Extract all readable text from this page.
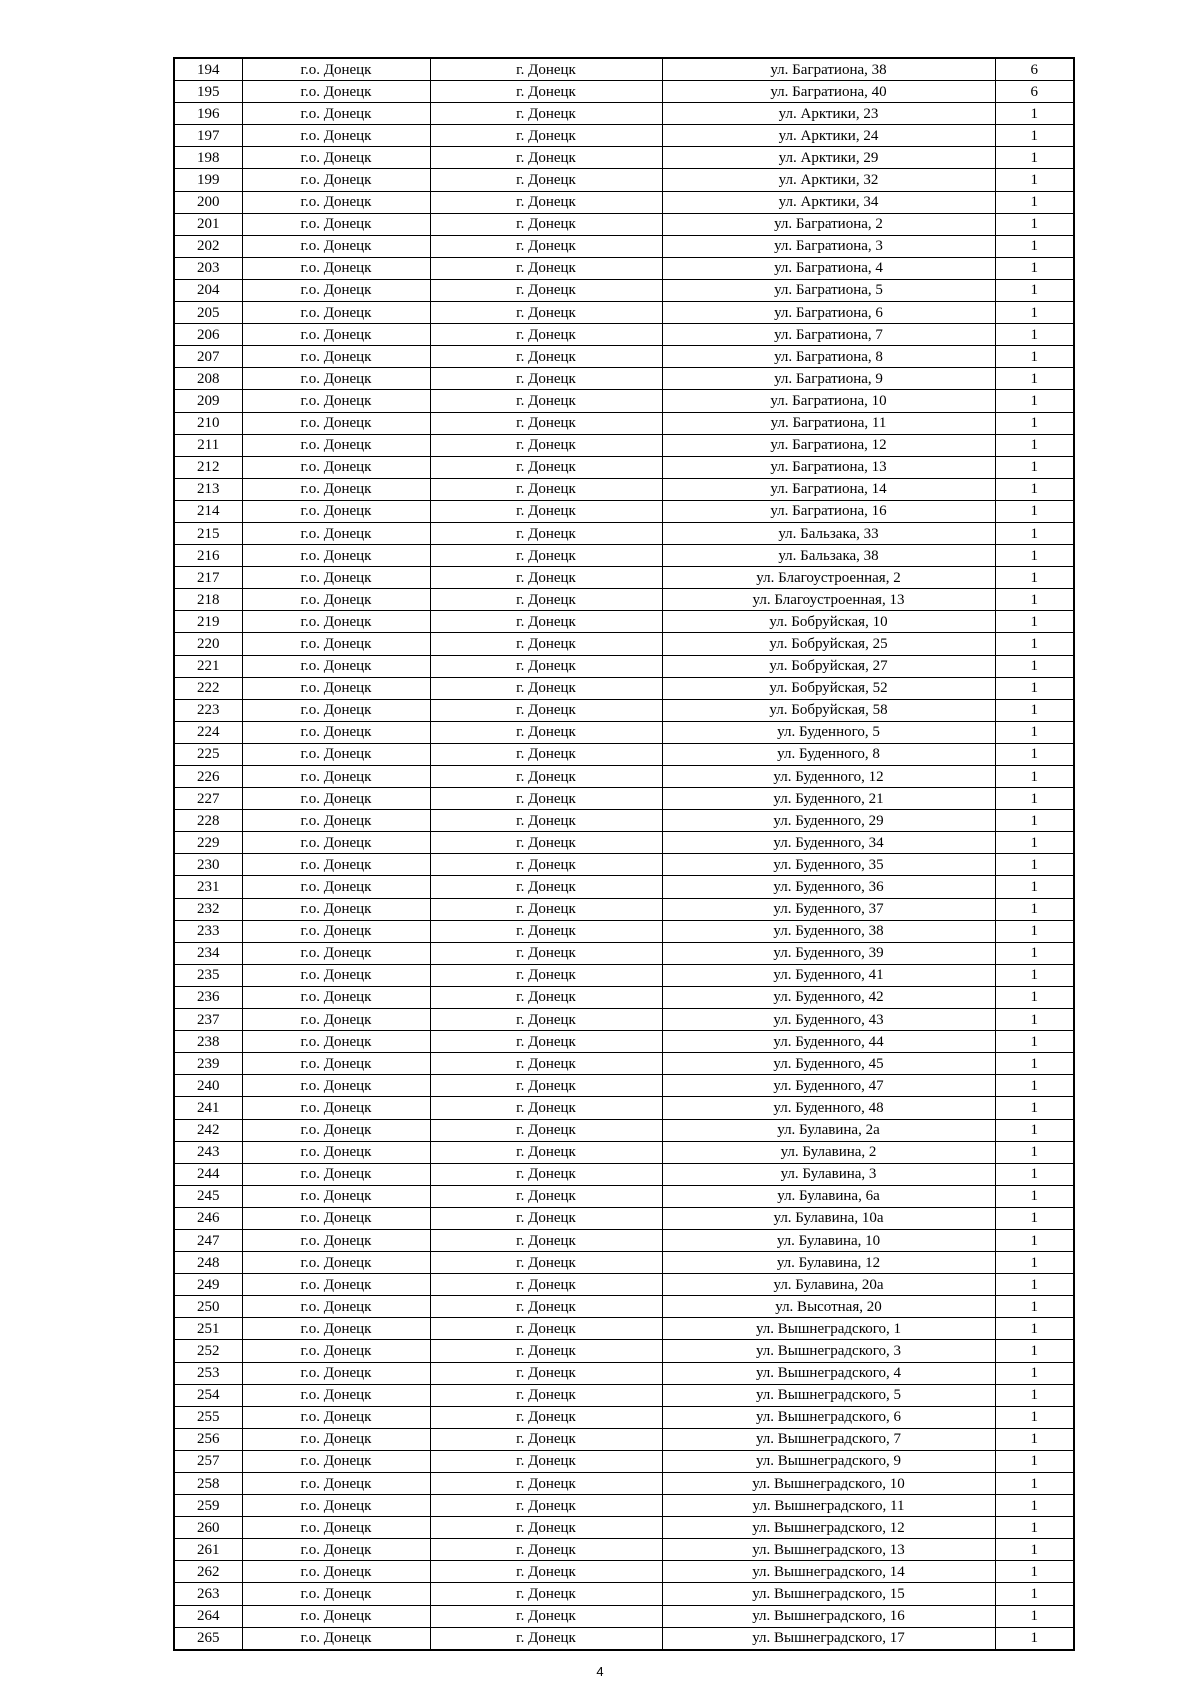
194	г.о. Донецк	г. Донецк	ул. Багратиона, 38	6
195	г.о. Донецк	г. Донецк	ул. Багратиона, 40	6
196	г.о. Донецк	г. Донецк	ул. Арктики, 23	1
197	г.о. Донецк	г. Донецк	ул. Арктики, 24	1
198	г.о. Донецк	г. Донецк	ул. Арктики, 29	1
199	г.о. Донецк	г. Донецк	ул. Арктики, 32	1
200	г.о. Донецк	г. Донецк	ул. Арктики, 34	1
201	г.о. Донецк	г. Донецк	ул. Багратиона, 2	1
202	г.о. Донецк	г. Донецк	ул. Багратиона, 3	1
203	г.о. Донецк	г. Донецк	ул. Багратиона, 4	1
204	г.о. Донецк	г. Донецк	ул. Багратиона, 5	1
205	г.о. Донецк	г. Донецк	ул. Багратиона, 6	1
206	г.о. Донецк	г. Донецк	ул. Багратиона, 7	1
207	г.о. Донецк	г. Донецк	ул. Багратиона, 8	1
208	г.о. Донецк	г. Донецк	ул. Багратиона, 9	1
209	г.о. Донецк	г. Донецк	ул. Багратиона, 10	1
210	г.о. Донецк	г. Донецк	ул. Багратиона, 11	1
211	г.о. Донецк	г. Донецк	ул. Багратиона, 12	1
212	г.о. Донецк	г. Донецк	ул. Багратиона, 13	1
213	г.о. Донецк	г. Донецк	ул. Багратиона, 14	1
214	г.о. Донецк	г. Донецк	ул. Багратиона, 16	1
215	г.о. Донецк	г. Донецк	ул. Бальзака, 33	1
216	г.о. Донецк	г. Донецк	ул. Бальзака, 38	1
217	г.о. Донецк	г. Донецк	ул. Благоустроенная, 2	1
218	г.о. Донецк	г. Донецк	ул. Благоустроенная, 13	1
219	г.о. Донецк	г. Донецк	ул. Бобруйская, 10	1
220	г.о. Донецк	г. Донецк	ул. Бобруйская, 25	1
221	г.о. Донецк	г. Донецк	ул. Бобруйская, 27	1
222	г.о. Донецк	г. Донецк	ул. Бобруйская, 52	1
223	г.о. Донецк	г. Донецк	ул. Бобруйская, 58	1
224	г.о. Донецк	г. Донецк	ул. Буденного, 5	1
225	г.о. Донецк	г. Донецк	ул. Буденного, 8	1
226	г.о. Донецк	г. Донецк	ул. Буденного, 12	1
227	г.о. Донецк	г. Донецк	ул. Буденного, 21	1
228	г.о. Донецк	г. Донецк	ул. Буденного, 29	1
229	г.о. Донецк	г. Донецк	ул. Буденного, 34	1
230	г.о. Донецк	г. Донецк	ул. Буденного, 35	1
231	г.о. Донецк	г. Донецк	ул. Буденного, 36	1
232	г.о. Донецк	г. Донецк	ул. Буденного, 37	1
233	г.о. Донецк	г. Донецк	ул. Буденного, 38	1
234	г.о. Донецк	г. Донецк	ул. Буденного, 39	1
235	г.о. Донецк	г. Донецк	ул. Буденного, 41	1
236	г.о. Донецк	г. Донецк	ул. Буденного, 42	1
237	г.о. Донецк	г. Донецк	ул. Буденного, 43	1
238	г.о. Донецк	г. Донецк	ул. Буденного, 44	1
239	г.о. Донецк	г. Донецк	ул. Буденного, 45	1
240	г.о. Донецк	г. Донецк	ул. Буденного, 47	1
241	г.о. Донецк	г. Донецк	ул. Буденного, 48	1
242	г.о. Донецк	г. Донецк	ул. Булавина, 2а	1
243	г.о. Донецк	г. Донецк	ул. Булавина, 2	1
244	г.о. Донецк	г. Донецк	ул. Булавина, 3	1
245	г.о. Донецк	г. Донецк	ул. Булавина, 6а	1
246	г.о. Донецк	г. Донецк	ул. Булавина, 10а	1
247	г.о. Донецк	г. Донецк	ул. Булавина, 10	1
248	г.о. Донецк	г. Донецк	ул. Булавина, 12	1
249	г.о. Донецк	г. Донецк	ул. Булавина, 20а	1
250	г.о. Донецк	г. Донецк	ул. Высотная, 20	1
251	г.о. Донецк	г. Донецк	ул. Вышнеградского, 1	1
252	г.о. Донецк	г. Донецк	ул. Вышнеградского, 3	1
253	г.о. Донецк	г. Донецк	ул. Вышнеградского, 4	1
254	г.о. Донецк	г. Донецк	ул. Вышнеградского, 5	1
255	г.о. Донецк	г. Донецк	ул. Вышнеградского, 6	1
256	г.о. Донецк	г. Донецк	ул. Вышнеградского, 7	1
257	г.о. Донецк	г. Донецк	ул. Вышнеградского, 9	1
258	г.о. Донецк	г. Донецк	ул. Вышнеградского, 10	1
259	г.о. Донецк	г. Донецк	ул. Вышнеградского, 11	1
260	г.о. Донецк	г. Донецк	ул. Вышнеградского, 12	1
261	г.о. Донецк	г. Донецк	ул. Вышнеградского, 13	1
262	г.о. Донецк	г. Донецк	ул. Вышнеградского, 14	1
263	г.о. Донецк	г. Донецк	ул. Вышнеградского, 15	1
264	г.о. Донецк	г. Донецк	ул. Вышнеградского, 16	1
265	г.о. Донецк	г. Донецк	ул. Вышнеградского, 17	1
4
